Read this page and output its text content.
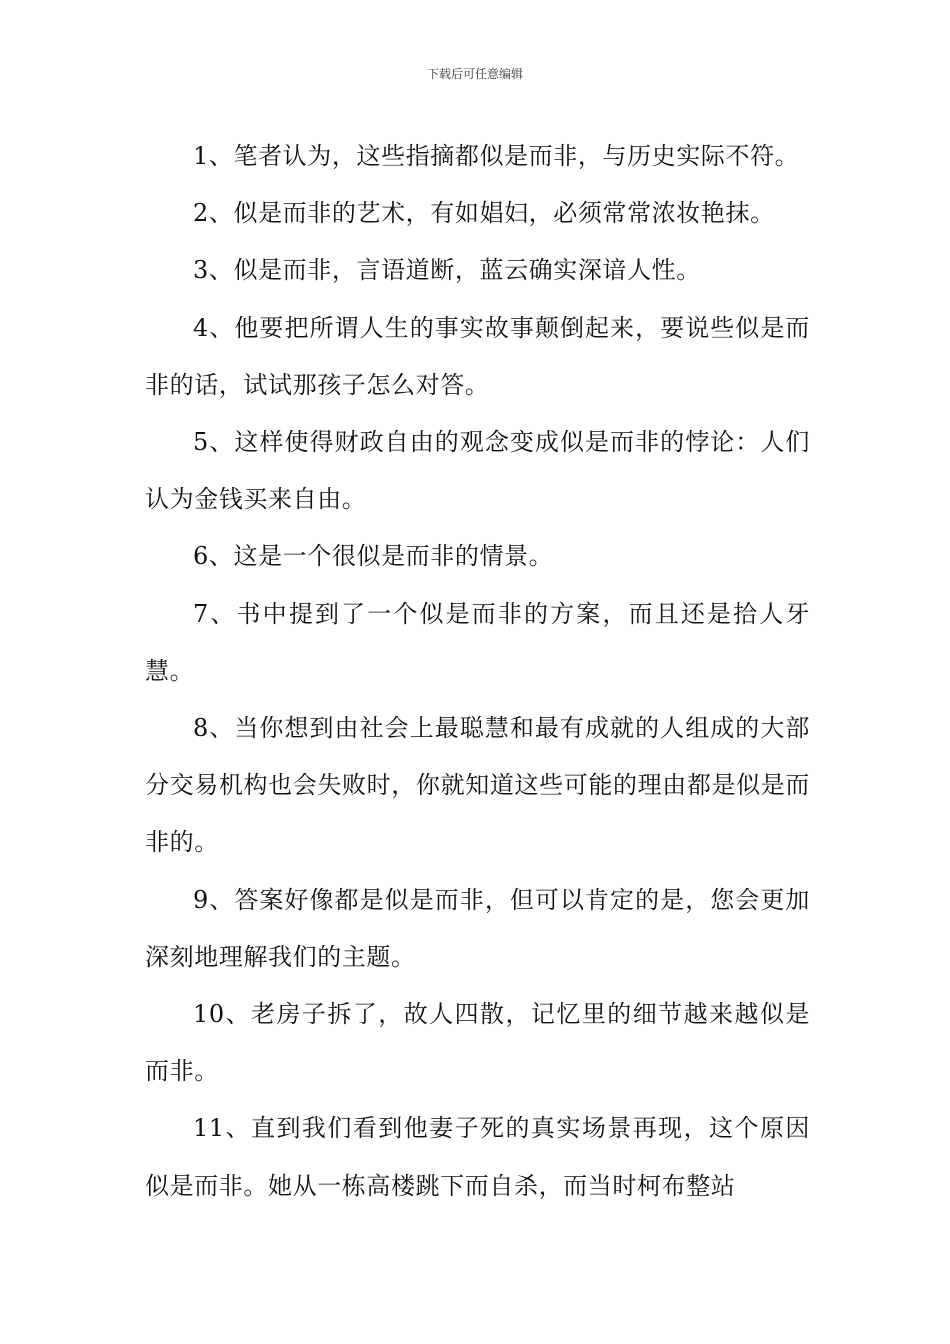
下载后可任意编辑

1、笔者认为，这些指摘都似是而非，与历史实际不符。

2、似是而非的艺术，有如娼妇，必须常常浓妆艳抹。

3、似是而非，言语道断，蓝云确实深谙人性。

4、他要把所谓人生的事实故事颠倒起来，要说些似是而非的话，试试那孩子怎么对答。

5、这样使得财政自由的观念变成似是而非的悖论：人们认为金钱买来自由。

6、这是一个很似是而非的情景。

7、书中提到了一个似是而非的方案，而且还是拾人牙慧。

8、当你想到由社会上最聪慧和最有成就的人组成的大部分交易机构也会失败时，你就知道这些可能的理由都是似是而非的。

9、答案好像都是似是而非，但可以肯定的是，您会更加深刻地理解我们的主题。

10、老房子拆了，故人四散，记忆里的细节越来越似是而非。

11、直到我们看到他妻子死的真实场景再现，这个原因似是而非。她从一栋高楼跳下而自杀，而当时柯布整站
